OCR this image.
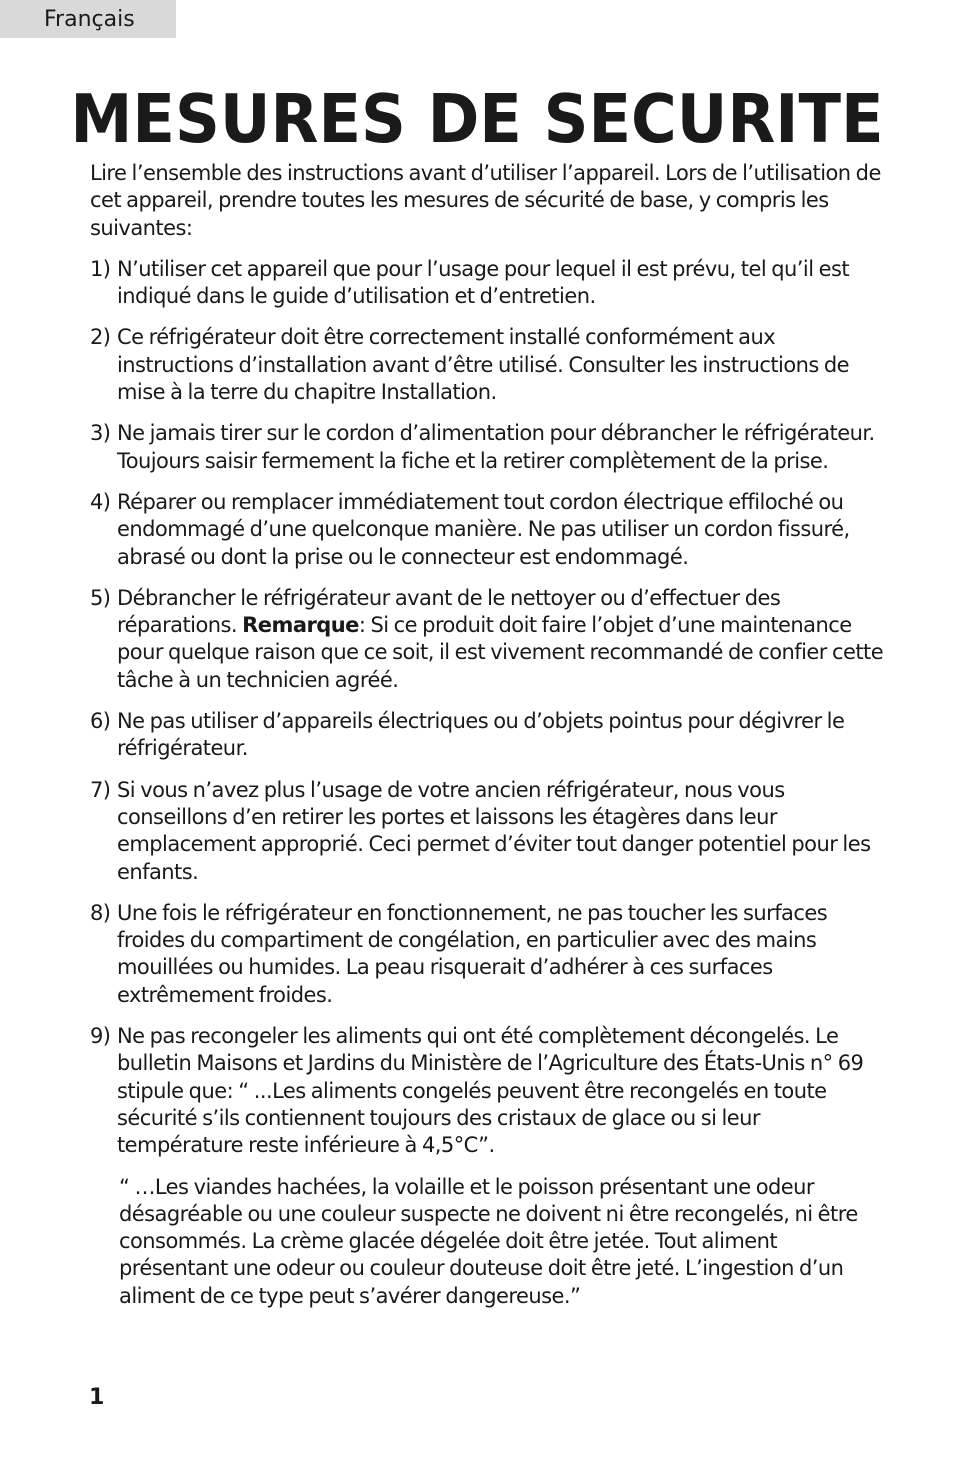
Français
MESURES DE SECURITE

Lire l’ensemble des instructions avant d’utiliser l’appareil. Lors de l’utilisation de cet appareil, prendre toutes les mesures de sécurité de base, y compris les suivantes:

1) N’utiliser cet appareil que pour l’usage pour lequel il est prévu, tel qu’il est indiqué dans le guide d’utilisation et d’entretien.
2) Ce réfrigérateur doit être correctement installé conformément aux instructions d’installation avant d’être utilisé. Consulter les instructions de mise à la terre du chapitre Installation.
3) Ne jamais tirer sur le cordon d’alimentation pour débrancher le réfrigérateur. Toujours saisir fermement la fiche et la retirer complètement de la prise.
4) Réparer ou remplacer immédiatement tout cordon électrique effiloché ou endommagé d’une quelconque manière. Ne pas utiliser un cordon fissuré, abrasé ou dont la prise ou le connecteur est endommagé.
5) Débrancher le réfrigérateur avant de le nettoyer ou d’effectuer des réparations. Remarque: Si ce produit doit faire l’objet d’une maintenance pour quelque raison que ce soit, il est vivement recommandé de confier cette tâche à un technicien agréé.
6) Ne pas utiliser d’appareils électriques ou d’objets pointus pour dégivrer le réfrigérateur.
7) Si vous n’avez plus l’usage de votre ancien réfrigérateur, nous vous conseillons d’en retirer les portes et laissons les étagères dans leur emplacement approprié. Ceci permet d’éviter tout danger potentiel pour les enfants.
8) Une fois le réfrigérateur en fonctionnement, ne pas toucher les surfaces froides du compartiment de congélation, en particulier avec des mains mouillées ou humides. La peau risquerait d’adhérer à ces surfaces extrêmement froides.
9) Ne pas recongeler les aliments qui ont été complètement décongelés. Le bulletin Maisons et Jardins du Ministère de l’Agriculture des États-Unis n° 69 stipule que: “ ...Les aliments congelés peuvent être recongelés en toute sécurité s’ils contiennent toujours des cristaux de glace ou si leur température reste inférieure à 4,5°C”.

“ …Les viandes hachées, la volaille et le poisson présentant une odeur désagréable ou une couleur suspecte ne doivent ni être recongelés, ni être consommés. La crème glacée dégelée doit être jetée. Tout aliment présentant une odeur ou couleur douteuse doit être jeté. L’ingestion d’un aliment de ce type peut s’avérer dangereuse.”

1
